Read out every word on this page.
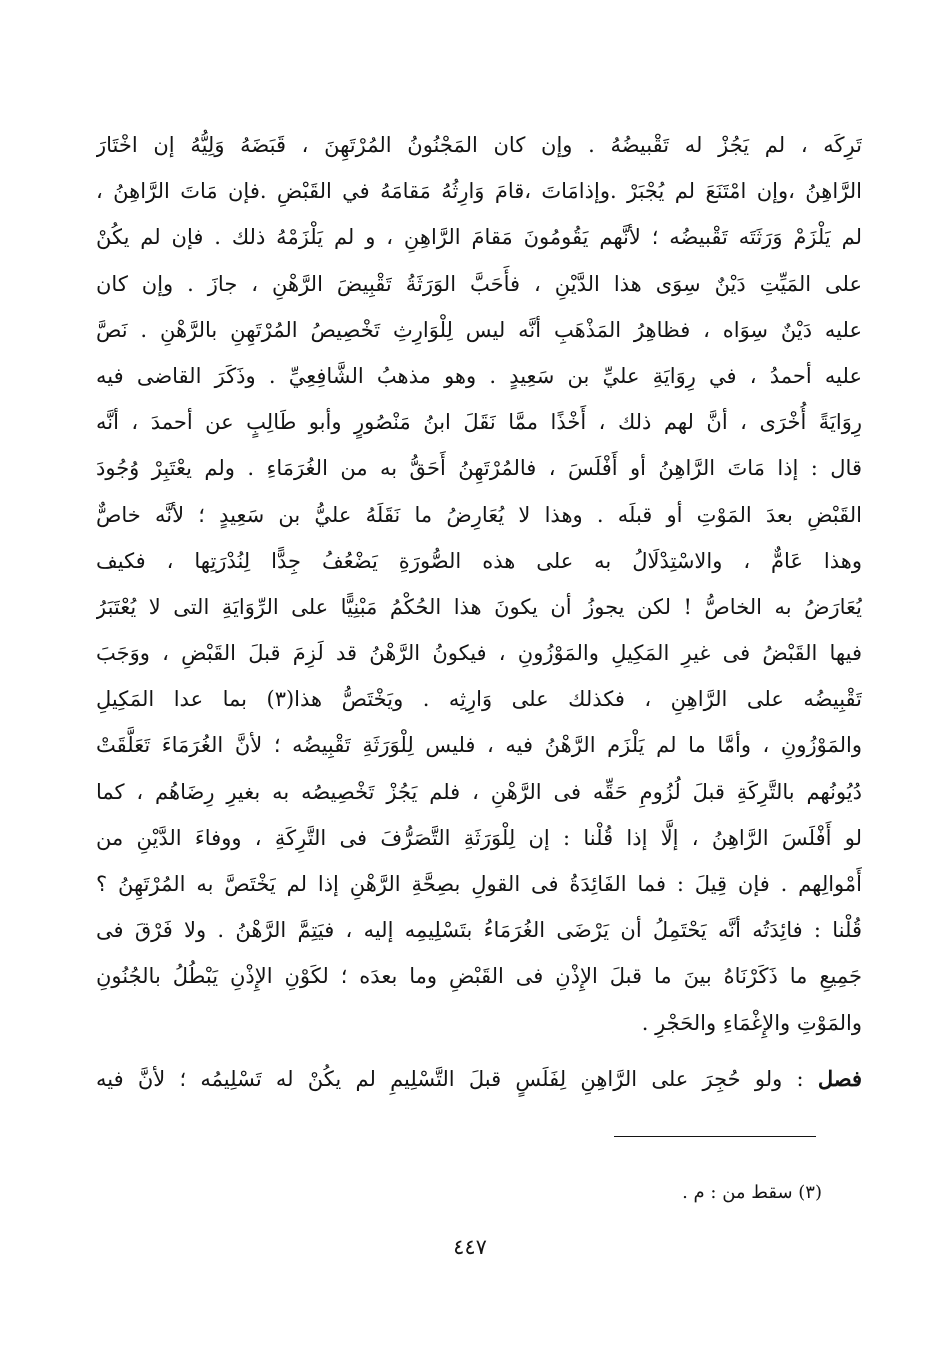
تَرِكَه ، لم يَجُزْ له تَقْبيضُهُ . وإن كان المَجْنُونُ المُرْتَهِنَ ، قَبَضَهُ وَلِيُّهُ إن اخْتَارَ
الرَّاهِنُ ،وإن امْتَنَعَ لم يُجْبَرْ .وإذامَاتَ ،قامَ وَارِثُهُ مَقامَهُ في القَبْضِ .فإن مَاتَ الرَّاهِنُ ،
لم يَلْزَمْ وَرَثَتَه تَقْبيضُه ؛ لأنَّهم يَقُومُونَ مَقامَ الرَّاهِنِ ، و لم يَلْزَمْهُ ذلك . فإن لم يكُنْ
على المَيِّتِ دَيْنٌ سِوَى هذا الدَّيْنِ ، فأَحَبَّ الوَرَثَةُ تَقْبِيضَ الرَّهْنِ ، جازَ . وإن كان
عليه دَيْنٌ سِوَاه ، فظاهِرُ المَذْهَبِ أنَّه ليس لِلْوَارِثِ تَخْصِيصُ المُرْتَهِنِ بالرَّهْنِ . نَصَّ
عليه أحمدُ ، في رِوَايَةِ عليِّ بن سَعِيدٍ . وهو مذهبُ الشَّافِعِيِّ . وذَكَرَ القاضى فيه
رِوَايَةً أُخْرَى ، أنَّ لهم ذلك ، أَخْذًا ممَّا نَقَلَ ابنُ مَنْصُورٍ وأبو طَالِبٍ عن أحمدَ ، أنَّه
قال : إذا مَاتَ الرَّاهِنُ أو أَفْلَسَ ، فالمُرْتَهِنُ أَحَقُّ به من الغُرَمَاءِ . ولم يعْتَبِرْ وُجُودَ
القَبْضِ بعدَ المَوْتِ أو قبلَه . وهذا لا يُعَارِضُ ما نَقَلَهُ عليُّ بن سَعِيدٍ ؛ لأنَّه خاصٌّ
وهذا عَامٌّ ، والاسْتِدْلَالُ به على هذه الصُّورَةِ يَضْعُفُ جِدًّا لِنُدْرَتِها ، فكيف
يُعَارَضُ به الخاصُّ ! لكن يجوزُ أن يكونَ هذا الحُكْمُ مَبْنِيًّا على الرِّوَايَةِ التى لا يُعْتَبَرُ
فيها القَبْضُ فى غيرِ المَكِيلِ والمَوْزُونِ ، فيكونُ الرَّهْنُ قد لَزِمَ قبلَ القَبْضِ ، ووَجَبَ
تَقْبِيضُه على الرَّاهِنِ ، فكذلك على وَارِثِه . ويَخْتَصُّ هذا(٣) بما عدا المَكِيلِ
والمَوْزُونِ ، وأمَّا ما لم يَلْزَم الرَّهْنُ فيه ، فليس لِلْوَرَثَةِ تَقْبِيضُه ؛ لأنَّ الغُرَمَاءَ تَعَلَّقَتْ
دُيُونُهم بالتَّرِكَةِ قبلَ لُزُومِ حَقِّه فى الرَّهْنِ ، فلم يَجُزْ تَخْصِيصُه به بغيرِ رِضَاهُم ، كما
لو أَفْلَسَ الرَّاهِنُ ، إلَّا إذا قُلْنا : إن لِلْوَرَثَةِ التَّصَرُّفَ فى التَّرِكَةِ ، ووفاءَ الدَّيْنِ من
أَمْوالِهم . فإن قِيلَ : فما الفَائِدَةُ فى القولِ بصِحَّةِ الرَّهْنِ إذا لم يَخْتَصَّ به المُرْتَهِنُ ؟
قُلْنا : فائِدَتُه أنَّه يَحْتَمِلُ أن يَرْضَى الغُرَمَاءُ بتَسْلِيمِه إليه ، فيَتِمَّ الرَّهْنُ . ولا فَرْقَ فى
جَمِيعِ ما ذَكَرْنَاهُ بينَ ما قبلَ الإِذْنِ فى القَبْضِ وما بعدَه ؛ لكَوْنِ الإِذْنِ يَبْطُلُ بالجُنُونِ
والمَوْتِ والإِغْمَاءِ والحَجْرِ .
فصل : ولو حُجِرَ على الرَّاهِنِ لِفَلَسٍ قبلَ التَّسْلِيمِ لم يكُنْ له تَسْلِيمُه ؛ لأنَّ فيه
(٣) سقط من : م .
٤٤٧
